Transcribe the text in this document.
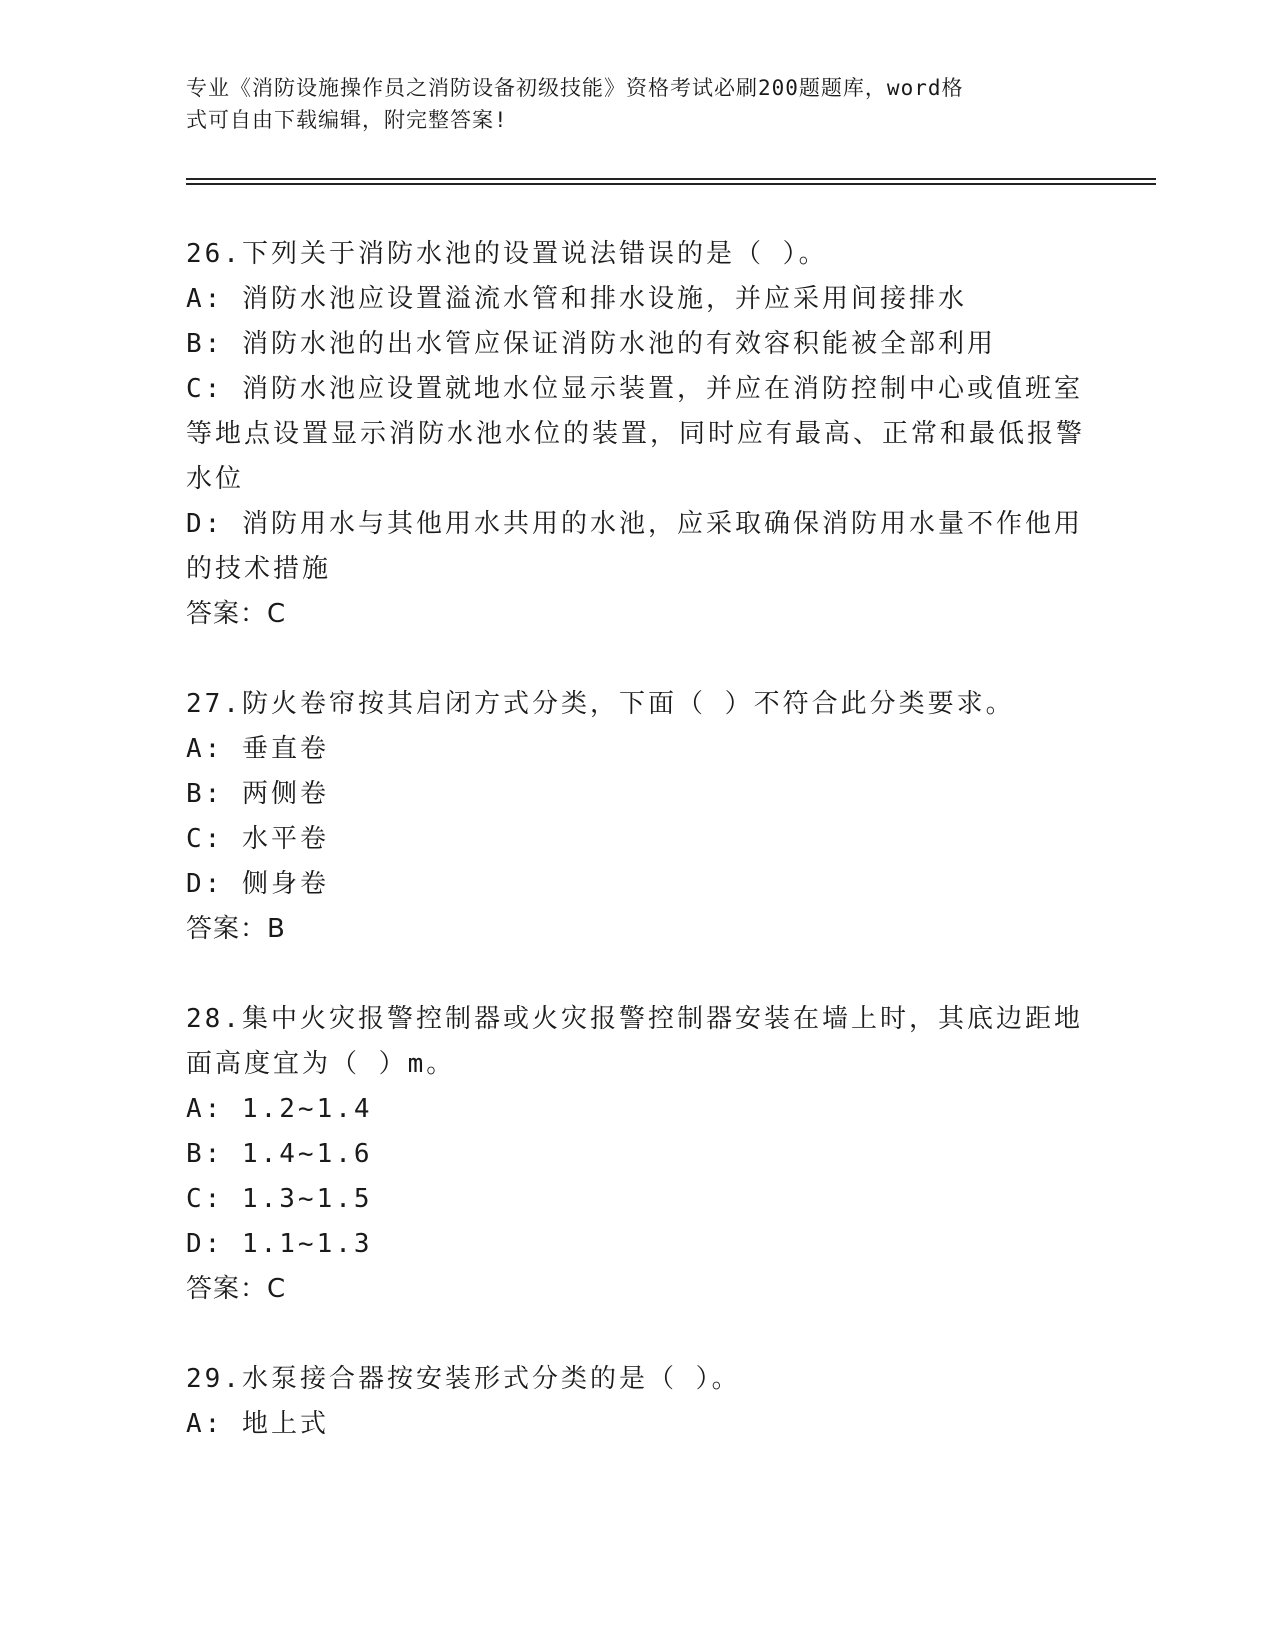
专业《消防设施操作员之消防设备初级技能》资格考试必刷200题题库，word格
式可自由下载编辑，附完整答案!
26.下列关于消防水池的设置说法错误的是（ ）。
A: 消防水池应设置溢流水管和排水设施，并应采用间接排水
B: 消防水池的出水管应保证消防水池的有效容积能被全部利用
C: 消防水池应设置就地水位显示装置，并应在消防控制中心或值班室等地点设置显示消防水池水位的装置，同时应有最高、正常和最低报警水位
D: 消防用水与其他用水共用的水池，应采取确保消防用水量不作他用的技术措施
答案：C
27.防火卷帘按其启闭方式分类，下面（ ）不符合此分类要求。
A: 垂直卷
B: 两侧卷
C: 水平卷
D: 侧身卷
答案：B
28.集中火灾报警控制器或火灾报警控制器安装在墙上时，其底边距地面高度宜为（ ）m。
A: 1.2~1.4
B: 1.4~1.6
C: 1.3~1.5
D: 1.1~1.3
答案：C
29.水泵接合器按安装形式分类的是（ ）。
A: 地上式
